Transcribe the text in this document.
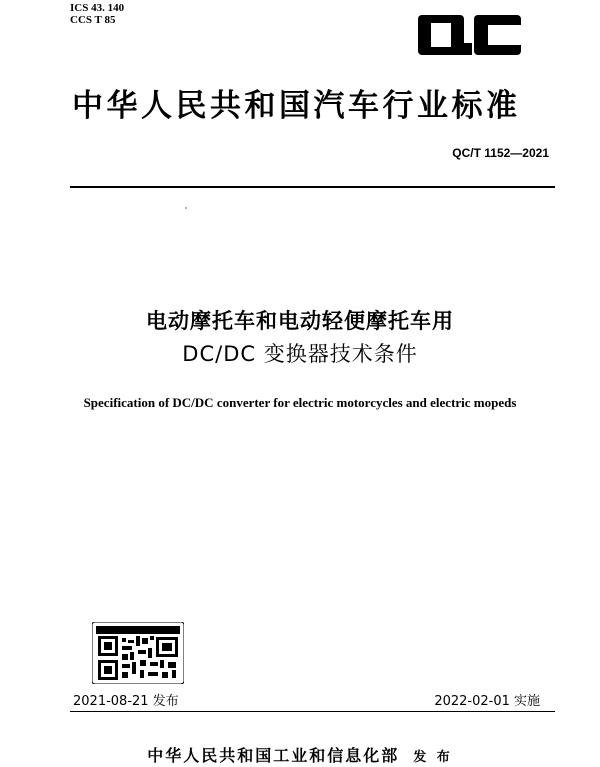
ICS 43. 140
CCS T 85
中华人民共和国汽车行业标准
QC/T 1152—2021
电动摩托车和电动轻便摩托车用
DC/DC 变换器技术条件
Specification of DC/DC converter for electric motorcycles and electric mopeds
2021-08-21 发布	2022-02-01 实施
中华人民共和国工业和信息化部 发 布
